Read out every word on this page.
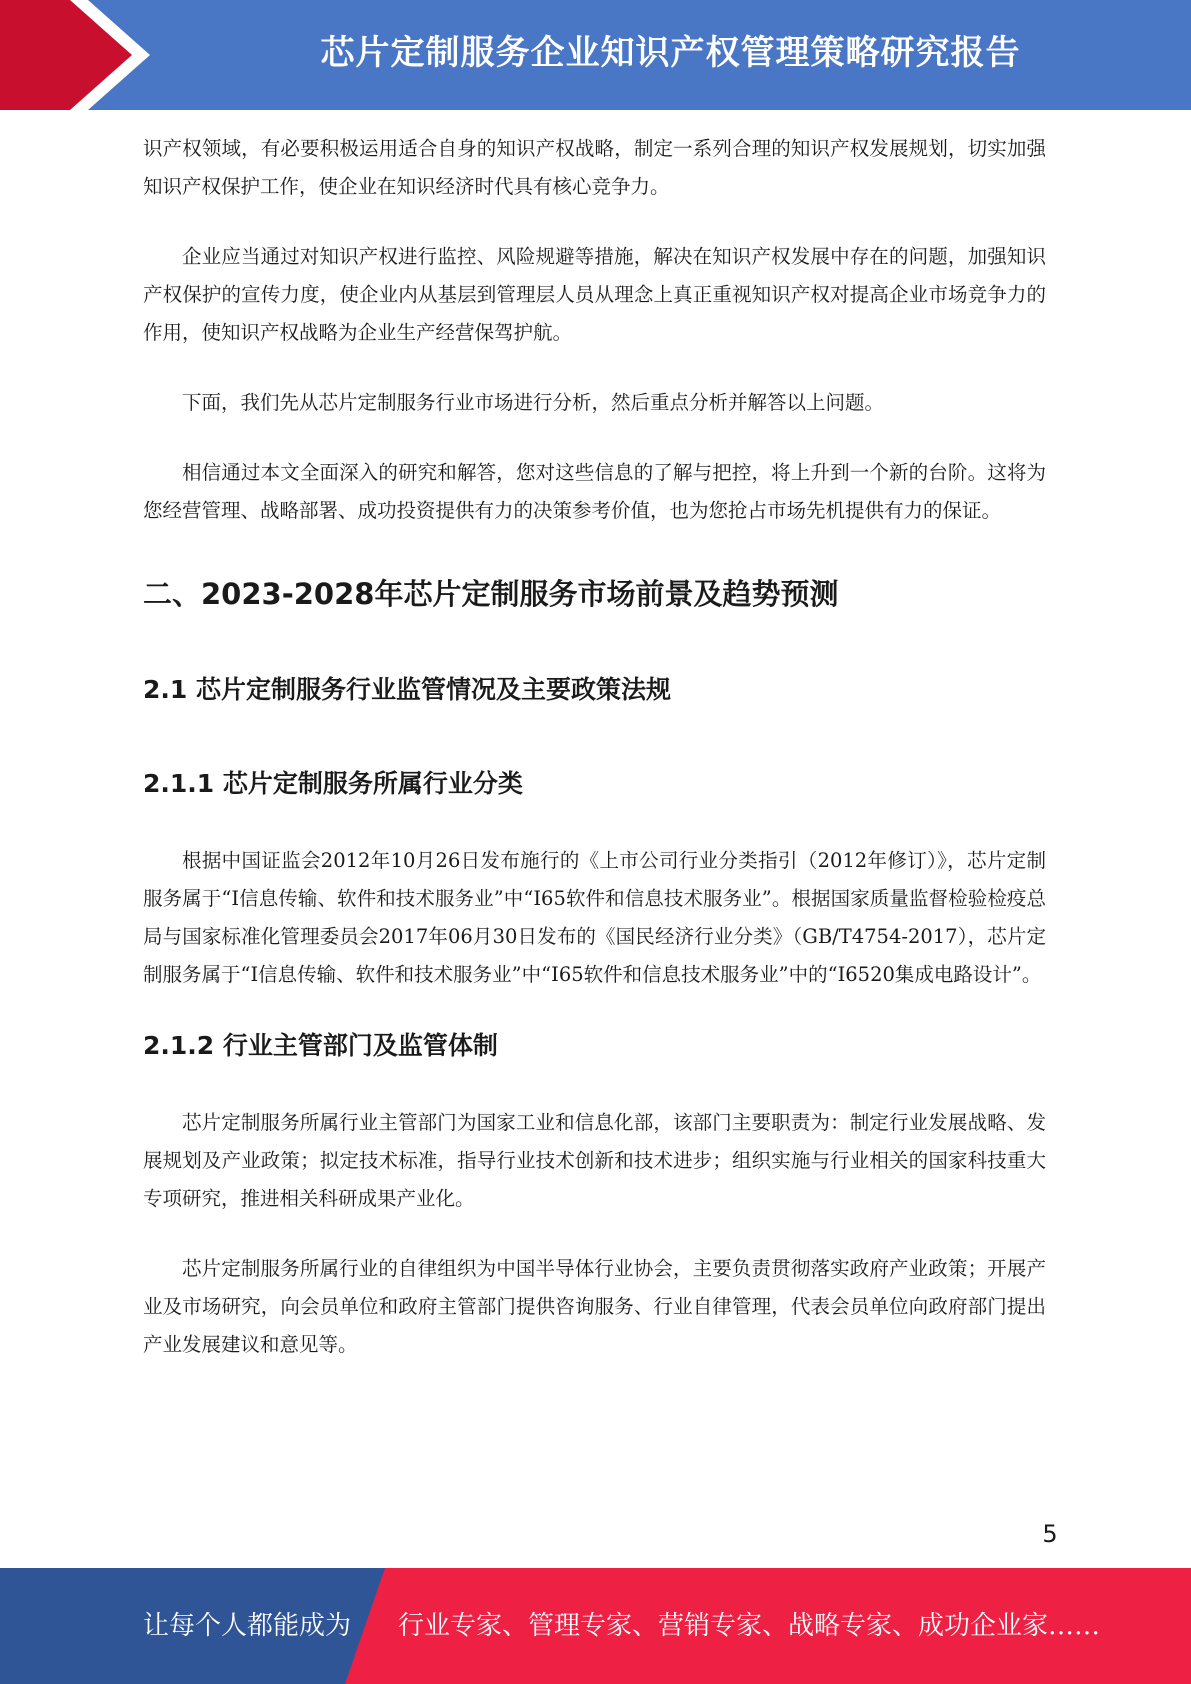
芯片定制服务企业知识产权管理策略研究报告

识产权领域，有必要积极运用适合自身的知识产权战略，制定一系列合理的知识产权发展规划，切实加强知识产权保护工作，使企业在知识经济时代具有核心竞争力。

企业应当通过对知识产权进行监控、风险规避等措施，解决在知识产权发展中存在的问题，加强知识产权保护的宣传力度，使企业内从基层到管理层人员从理念上真正重视知识产权对提高企业市场竞争力的作用，使知识产权战略为企业生产经营保驾护航。

下面，我们先从芯片定制服务行业市场进行分析，然后重点分析并解答以上问题。

相信通过本文全面深入的研究和解答，您对这些信息的了解与把控，将上升到一个新的台阶。这将为您经营管理、战略部署、成功投资提供有力的决策参考价值，也为您抢占市场先机提供有力的保证。

二、2023-2028年芯片定制服务市场前景及趋势预测
2.1 芯片定制服务行业监管情况及主要政策法规
2.1.1 芯片定制服务所属行业分类

根据中国证监会2012年10月26日发布施行的《上市公司行业分类指引（2012年修订）》，芯片定制服务属于“I信息传输、软件和技术服务业”中“I65软件和信息技术服务业”。根据国家质量监督检验检疫总局与国家标准化管理委员会2017年06月30日发布的《国民经济行业分类》（GB/T4754-2017），芯片定制服务属于“I信息传输、软件和技术服务业”中“I65软件和信息技术服务业”中的“I6520集成电路设计”。

2.1.2 行业主管部门及监管体制

芯片定制服务所属行业主管部门为国家工业和信息化部，该部门主要职责为：制定行业发展战略、发展规划及产业政策；拟定技术标准，指导行业技术创新和技术进步；组织实施与行业相关的国家科技重大专项研究，推进相关科研成果产业化。

芯片定制服务所属行业的自律组织为中国半导体行业协会，主要负责贯彻落实政府产业政策；开展产业及市场研究，向会员单位和政府主管部门提供咨询服务、行业自律管理，代表会员单位向政府部门提出产业发展建议和意见等。

5
让每个人都能成为 行业专家、管理专家、营销专家、战略专家、成功企业家……
